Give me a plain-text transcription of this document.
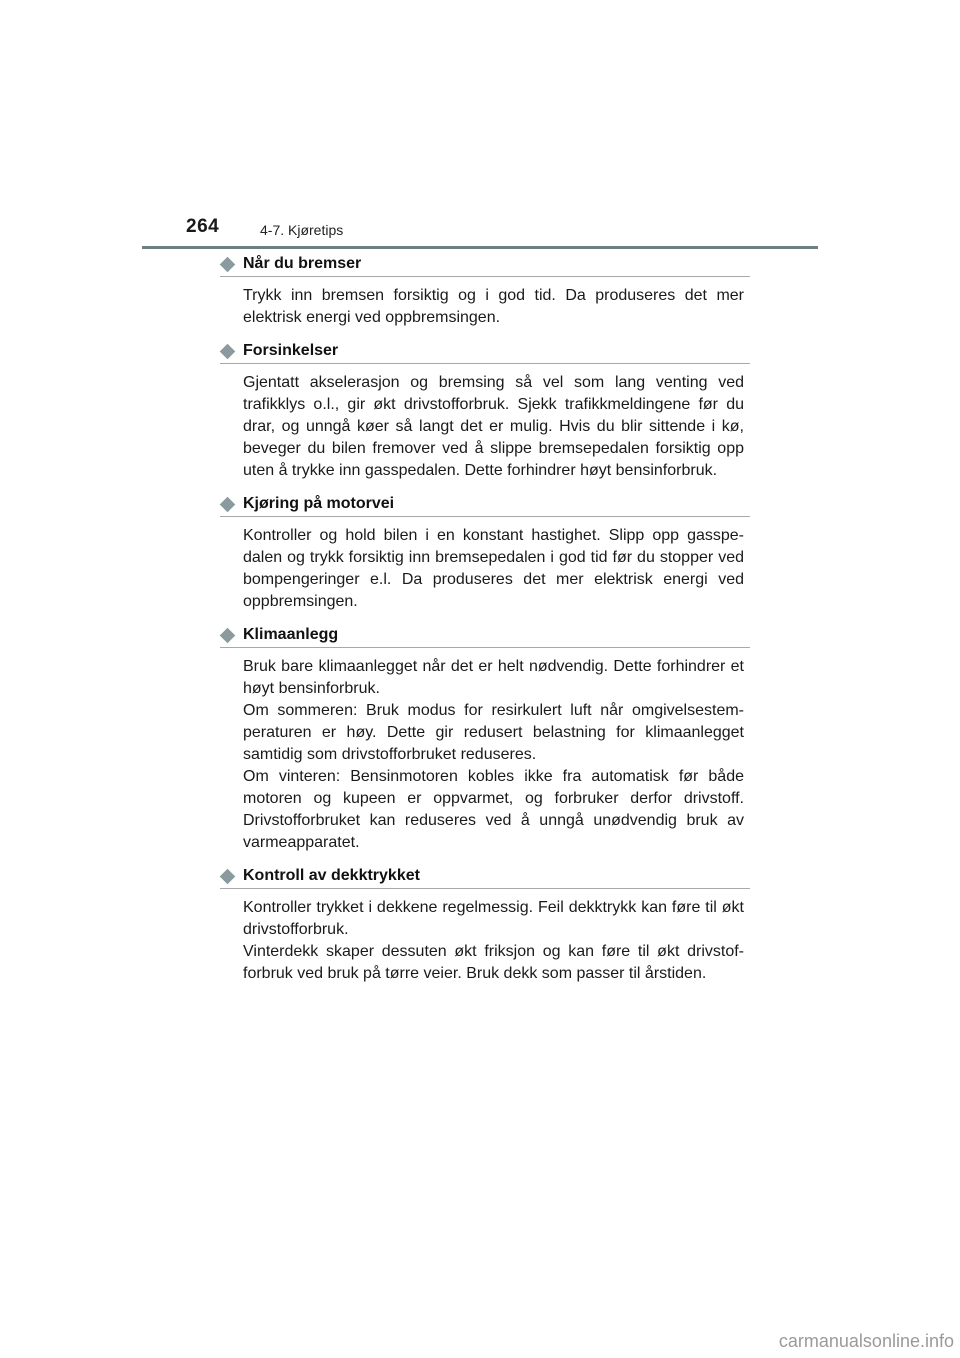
264	4-7. Kjøretips
Når du bremser

Trykk inn bremsen forsiktig og i god tid. Da produseres det mer elektrisk energi ved oppbremsingen.

Forsinkelser

Gjentatt akselerasjon og bremsing så vel som lang venting ved trafikklys o.l., gir økt drivstofforbruk. Sjekk trafikkmeldingene før du drar, og unngå køer så langt det er mulig. Hvis du blir sittende i kø, beveger du bilen fremover ved å slippe bremsepedalen forsiktig opp uten å trykke inn gasspedalen. Dette forhindrer høyt bensinforbruk.

Kjøring på motorvei

Kontroller og hold bilen i en konstant hastighet. Slipp opp gasspe-dalen og trykk forsiktig inn bremsepedalen i god tid før du stopper ved bompengeringer e.l. Da produseres det mer elektrisk energi ved oppbremsingen.

Klimaanlegg

Bruk bare klimaanlegget når det er helt nødvendig. Dette forhindrer et høyt bensinforbruk.

Om sommeren: Bruk modus for resirkulert luft når omgivelsestem-peraturen er høy. Dette gir redusert belastning for klimaanlegget samtidig som drivstofforbruket reduseres.

Om vinteren: Bensinmotoren kobles ikke fra automatisk før både motoren og kupeen er oppvarmet, og forbruker derfor drivstoff. Drivstofforbruket kan reduseres ved å unngå unødvendig bruk av varmeapparatet.

Kontroll av dekktrykket

Kontroller trykket i dekkene regelmessig. Feil dekktrykk kan føre til økt drivstofforbruk.

Vinterdekk skaper dessuten økt friksjon og kan føre til økt drivstof-forbruk ved bruk på tørre veier. Bruk dekk som passer til årstiden.

carmanualsonline.info
